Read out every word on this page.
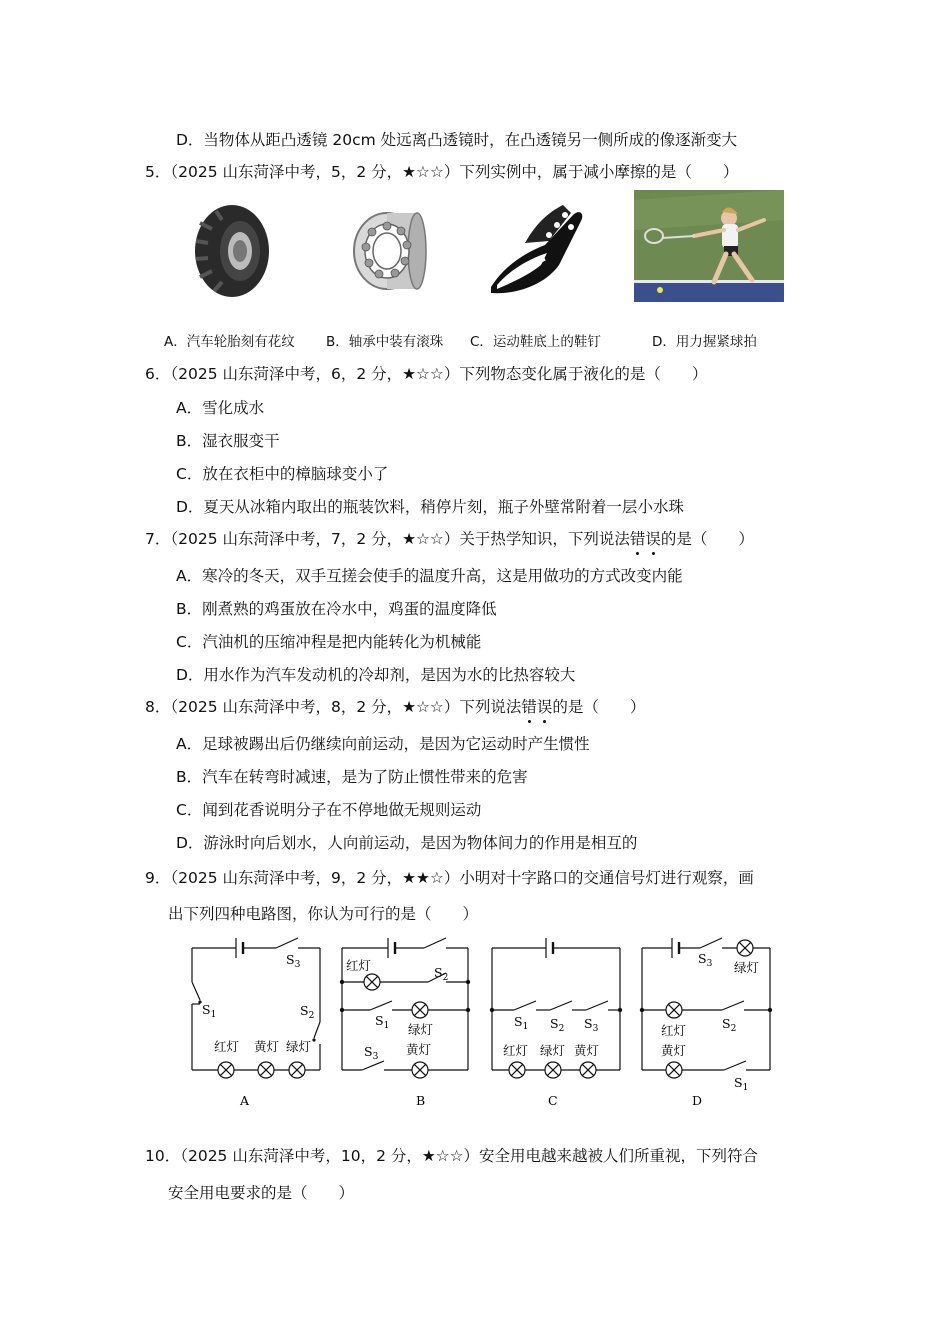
D．当物体从距凸透镜 20cm 处远离凸透镜时，在凸透镜另一侧所成的像逐渐变大
5．（2025 山东菏泽中考，5，2 分，★☆☆）下列实例中，属于减小摩擦的是（　　）
A．汽车轮胎刻有花纹 B．轴承中装有滚珠 C．运动鞋底上的鞋钉	D．用力握紧球拍
6．（2025 山东菏泽中考，6，2 分，★☆☆）下列物态变化属于液化的是（　　）
A．雪化成水
B．湿衣服变干
C．放在衣柜中的樟脑球变小了
D．夏天从冰箱内取出的瓶装饮料，稍停片刻，瓶子外壁常附着一层小水珠
7．（2025 山东菏泽中考，7，2 分，★☆☆）关于热学知识，下列说法错误的是（　　）
A．寒冷的冬天，双手互搓会使手的温度升高，这是用做功的方式改变内能
B．刚煮熟的鸡蛋放在冷水中，鸡蛋的温度降低
C．汽油机的压缩冲程是把内能转化为机械能
D．用水作为汽车发动机的冷却剂，是因为水的比热容较大
8．（2025 山东菏泽中考，8，2 分，★☆☆）下列说法错误的是（　　）
A．足球被踢出后仍继续向前运动，是因为它运动时产生惯性
B．汽车在转弯时减速，是为了防止惯性带来的危害
C．闻到花香说明分子在不停地做无规则运动
D．游泳时向后划水，人向前运动，是因为物体间力的作用是相互的
9．（2025 山东菏泽中考，9，2 分，★★☆）小明对十字路口的交通信号灯进行观察，画
出下列四种电路图，你认为可行的是（　　）
$S_1$
$S_3$
$S_2$
红灯 黄灯 绿灯
A
红灯	$S_2$
$S_1$ 绿灯
$S_3$ 黄灯
B
$S_1$ $S_2$ $S_3$
红灯 绿灯 黄灯
C
$S_3$ 绿灯
红灯	$S_2$
黄灯
$S_1$
D
10．（2025 山东菏泽中考，10，2 分，★☆☆）安全用电越来越被人们所重视，下列符合
安全用电要求的是（　　）
